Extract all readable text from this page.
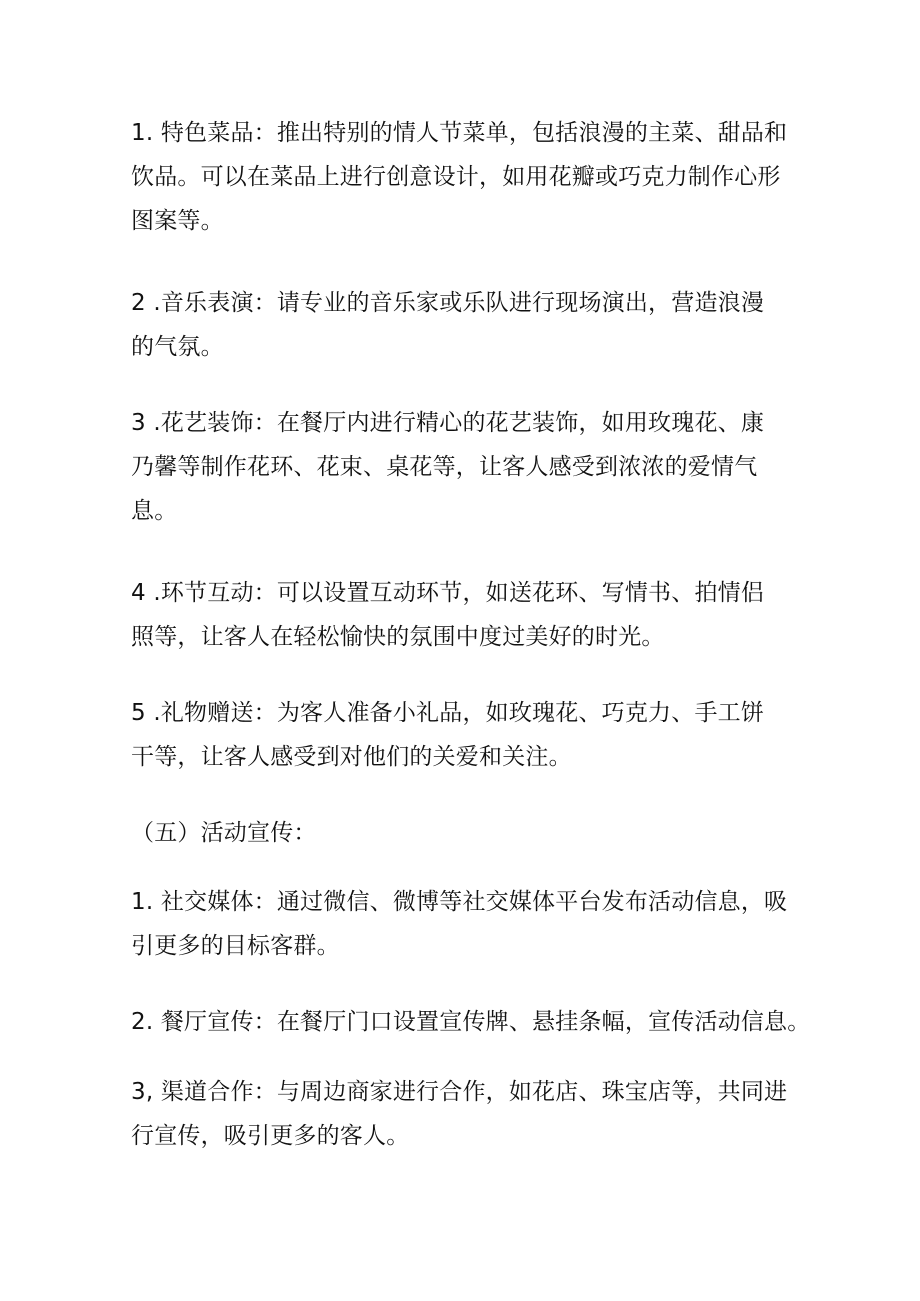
1. 特色菜品：推出特别的情人节菜单，包括浪漫的主菜、甜品和
饮品。可以在菜品上进行创意设计，如用花瓣或巧克力制作心形
图案等。

2 .音乐表演：请专业的音乐家或乐队进行现场演出，营造浪漫
的气氛。

3 .花艺装饰：在餐厅内进行精心的花艺装饰，如用玫瑰花、康
乃馨等制作花环、花束、桌花等，让客人感受到浓浓的爱情气
息。

4 .环节互动：可以设置互动环节，如送花环、写情书、拍情侣
照等，让客人在轻松愉快的氛围中度过美好的时光。

5 .礼物赠送：为客人准备小礼品，如玫瑰花、巧克力、手工饼
干等，让客人感受到对他们的关爱和关注。

（五）活动宣传：

1. 社交媒体：通过微信、微博等社交媒体平台发布活动信息，吸
引更多的目标客群。

2. 餐厅宣传：在餐厅门口设置宣传牌、悬挂条幅，宣传活动信息。

3, 渠道合作：与周边商家进行合作，如花店、珠宝店等，共同进
行宣传，吸引更多的客人。
